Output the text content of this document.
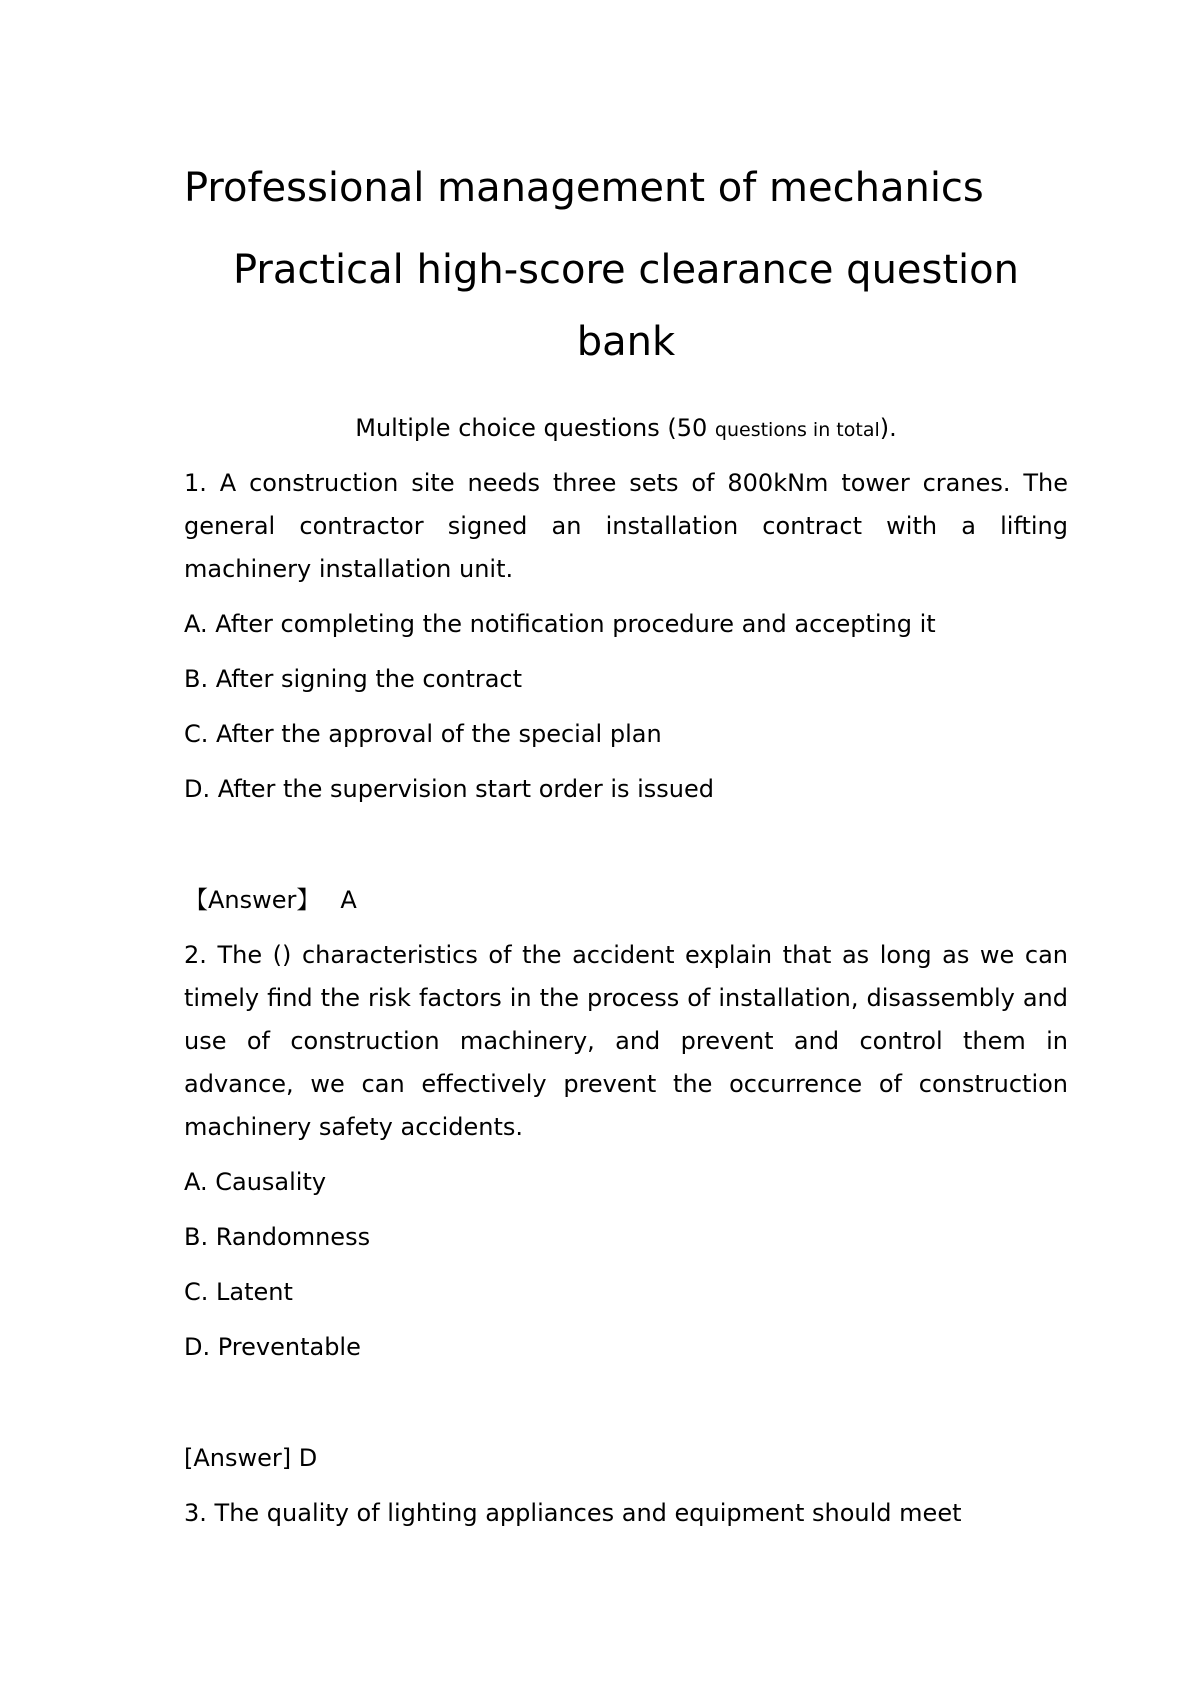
Professional management of mechanics
Practical high-score clearance question bank
Multiple choice questions (50 questions in total).
1. A construction site needs three sets of 800kNm tower cranes. The general contractor signed an installation contract with a lifting machinery installation unit.
A. After completing the notification procedure and accepting it
B. After signing the contract
C. After the approval of the special plan
D. After the supervision start order is issued
【Answer】 A
2. The () characteristics of the accident explain that as long as we can timely find the risk factors in the process of installation, disassembly and use of construction machinery, and prevent and control them in advance, we can effectively prevent the occurrence of construction machinery safety accidents.
A. Causality
B. Randomness
C. Latent
D. Preventable
[Answer] D
3. The quality of lighting appliances and equipment should meet
